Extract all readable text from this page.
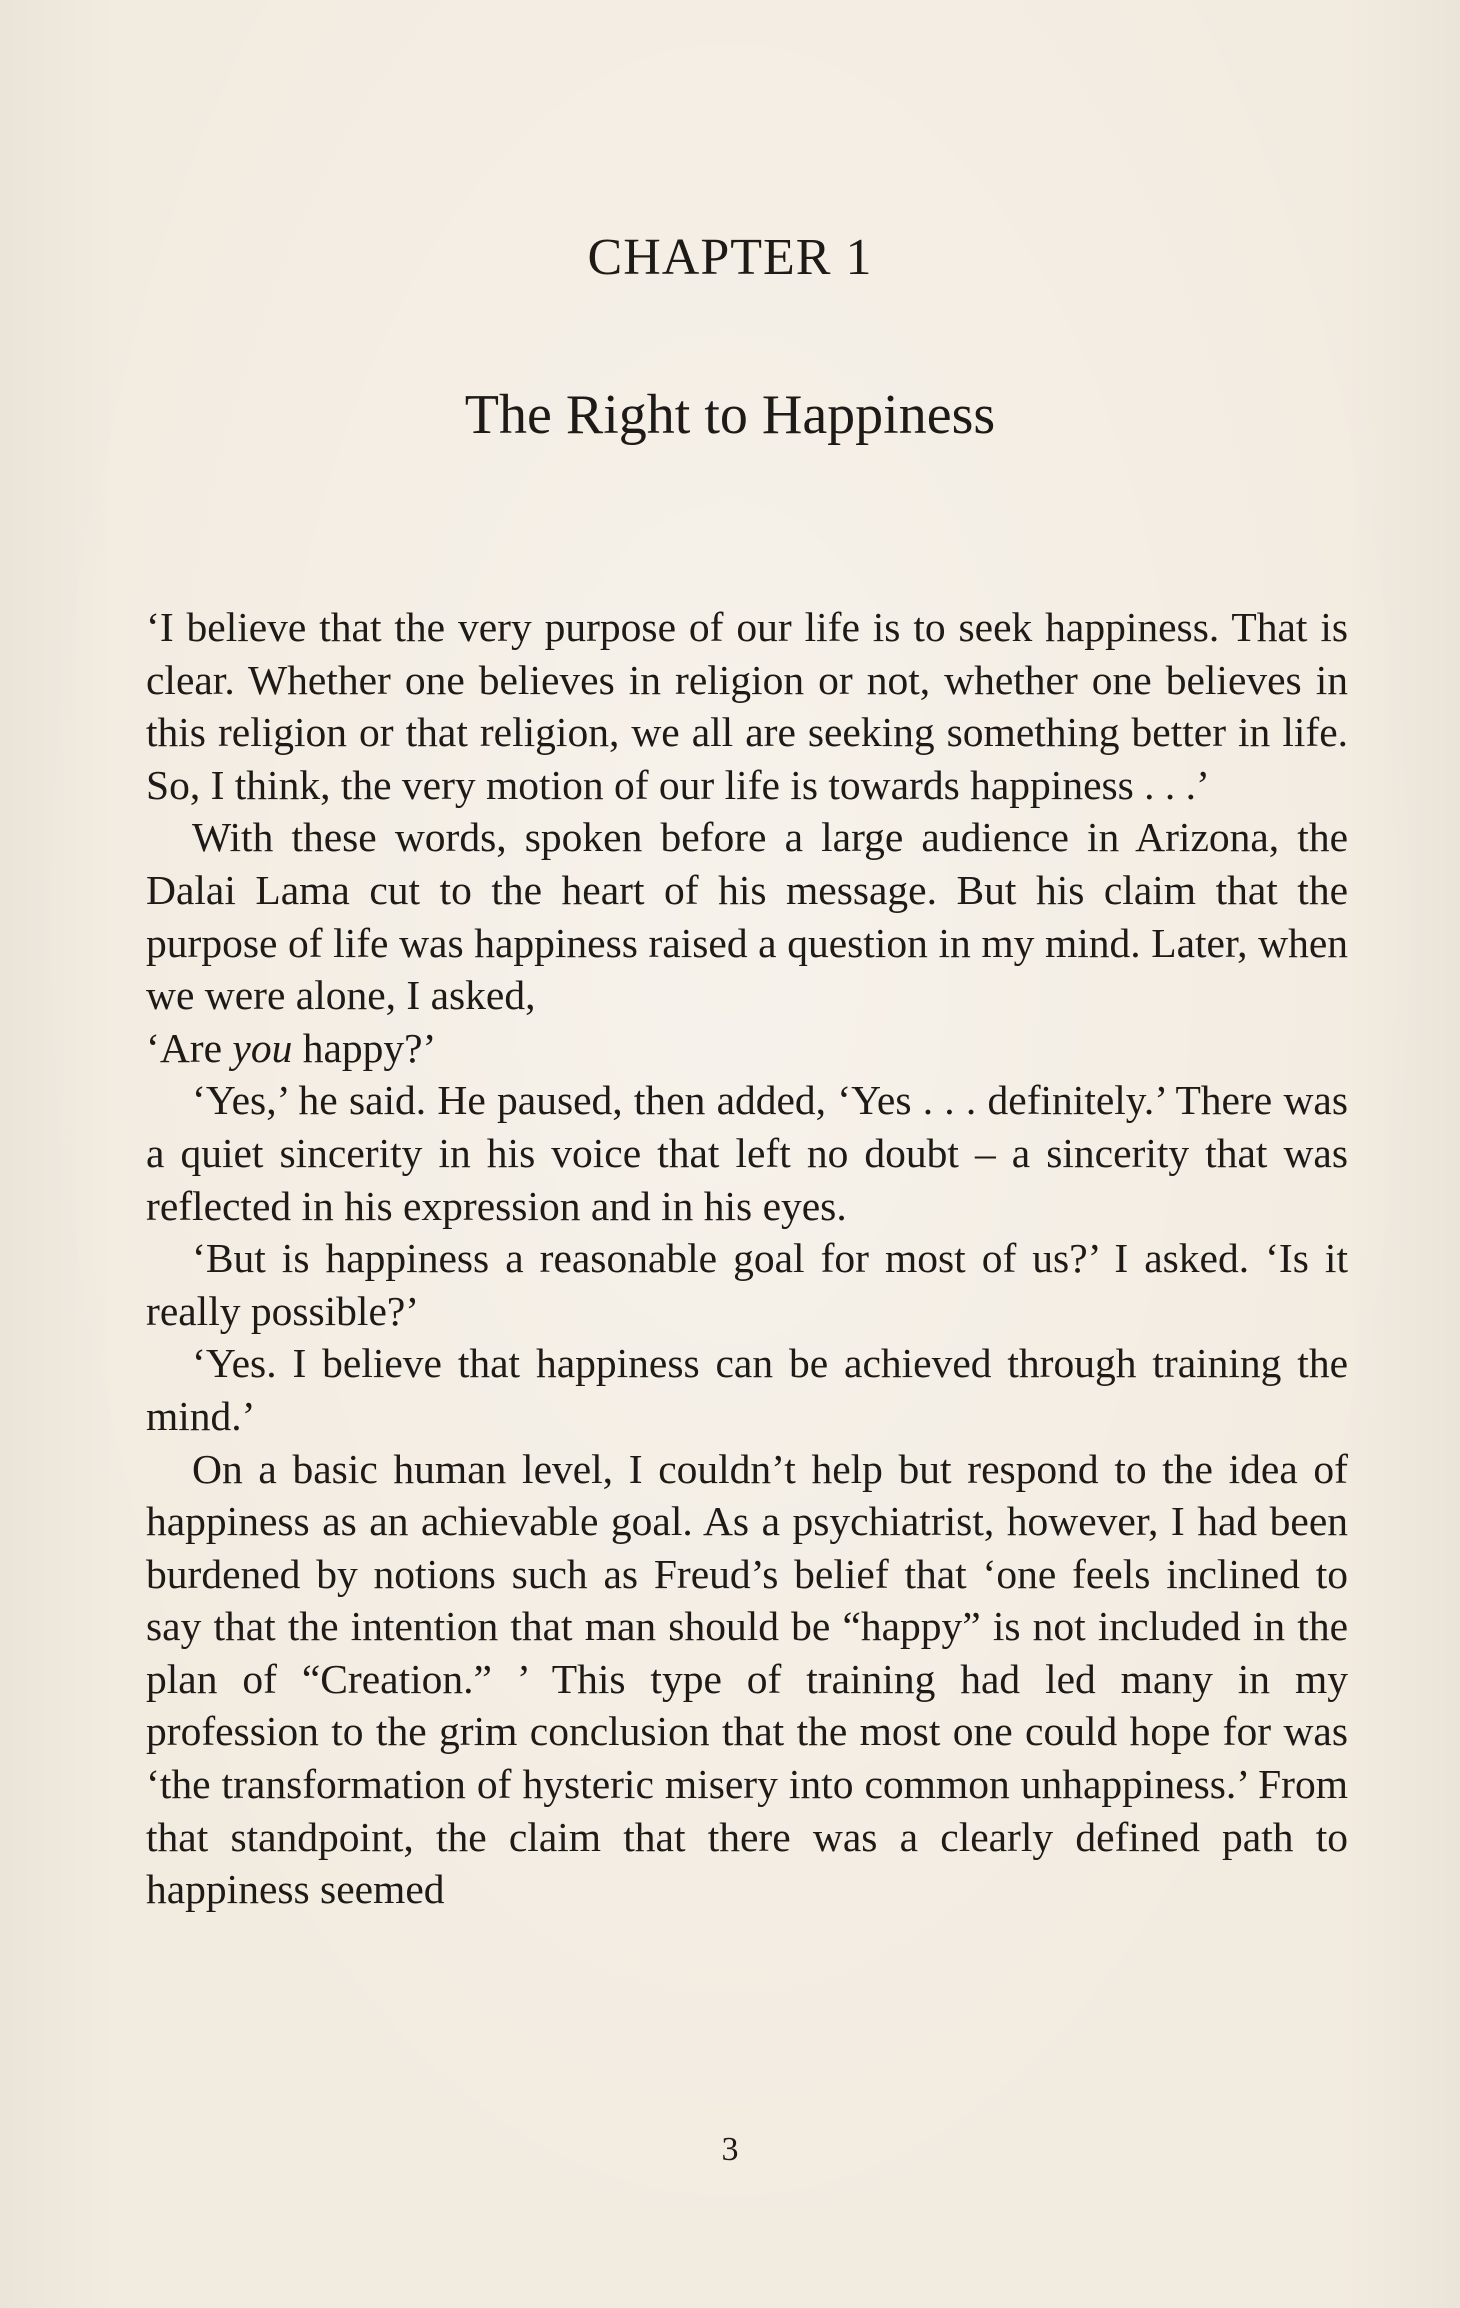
CHAPTER 1
The Right to Happiness

‘I believe that the very purpose of our life is to seek happiness. That is clear. Whether one believes in religion or not, whether one believes in this religion or that religion, we all are seeking something better in life. So, I think, the very motion of our life is towards happiness . . .’

With these words, spoken before a large audience in Arizona, the Dalai Lama cut to the heart of his message. But his claim that the purpose of life was happiness raised a question in my mind. Later, when we were alone, I asked,
‘Are you happy?’

‘Yes,’ he said. He paused, then added, ‘Yes . . . definitely.’ There was a quiet sincerity in his voice that left no doubt – a sincerity that was reflected in his expression and in his eyes.

‘But is happiness a reasonable goal for most of us?’ I asked. ‘Is it really possible?’

‘Yes. I believe that happiness can be achieved through training the mind.’

On a basic human level, I couldn’t help but respond to the idea of happiness as an achievable goal. As a psychiatrist, however, I had been burdened by notions such as Freud’s belief that ‘one feels inclined to say that the intention that man should be “happy” is not included in the plan of “Creation.” ’ This type of training had led many in my profession to the grim conclusion that the most one could hope for was ‘the transformation of hysteric misery into common unhappiness.’ From that standpoint, the claim that there was a clearly defined path to happiness seemed

3
